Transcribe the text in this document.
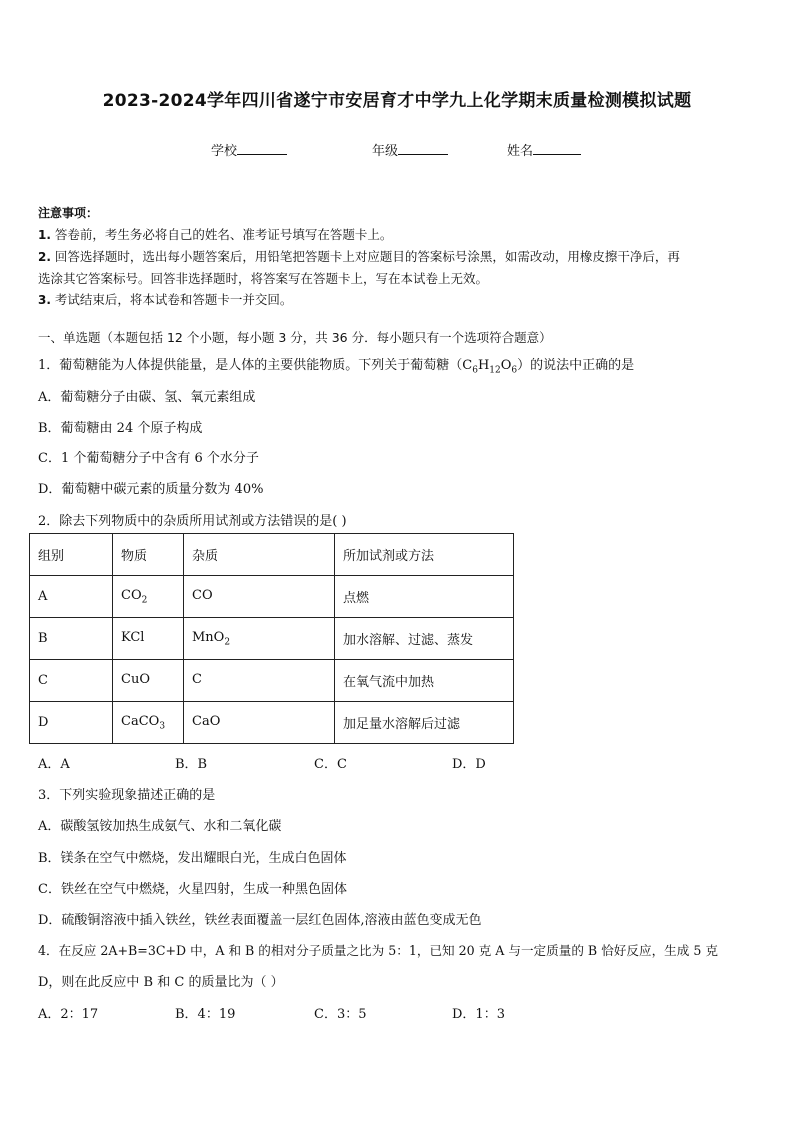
2023-2024学年四川省遂宁市安居育才中学九上化学期末质量检测模拟试题
学校	年级	姓名
注意事项：
1. 答卷前，考生务必将自己的姓名、准考证号填写在答题卡上。
2. 回答选择题时，选出每小题答案后，用铅笔把答题卡上对应题目的答案标号涂黑，如需改动，用橡皮擦干净后，再
选涂其它答案标号。回答非选择题时，将答案写在答题卡上，写在本试卷上无效。
3. 考试结束后，将本试卷和答题卡一并交回。
一、单选题（本题包括 12 个小题，每小题 3 分，共 36 分．每小题只有一个选项符合题意）
1．葡萄糖能为人体提供能量，是人体的主要供能物质。下列关于葡萄糖$(C_6H_{12}O_6)$的说法中正确的是
A．葡萄糖分子由碳、氢、氧元素组成
B．葡萄糖由 24 个原子构成
C．1 个葡萄糖分子中含有 6 个水分子
D．葡萄糖中碳元素的质量分数为 40%
2．除去下列物质中的杂质所用试剂或方法错误的是( )
组别	物质	杂质	所加试剂或方法
A	$CO_2$	CO	点燃
B	KCl	MnO$_2$	加水溶解、过滤、蒸发
C	CuO	C	在氧气流中加热
D	CaCO$_3$	CaO	加足量水溶解后过滤
A．A	B．B	C．C	D．D
3．下列实验现象描述正确的是
A．碳酸氢铵加热生成氨气、水和二氧化碳
B．镁条在空气中燃烧，发出耀眼白光，生成白色固体
C．铁丝在空气中燃烧，火星四射，生成一种黑色固体
D．硫酸铜溶液中插入铁丝，铁丝表面覆盖一层红色固体,溶液由蓝色变成无色
4．在反应 2A+B=3C+D 中，A 和 B 的相对分子质量之比为 5：1，已知 20 克 A 与一定质量的 B 恰好反应，生成 5 克
D，则在此反应中 B 和 C 的质量比为（ ）
A．2：17	B．4：19	C．3：5	D．1：3
